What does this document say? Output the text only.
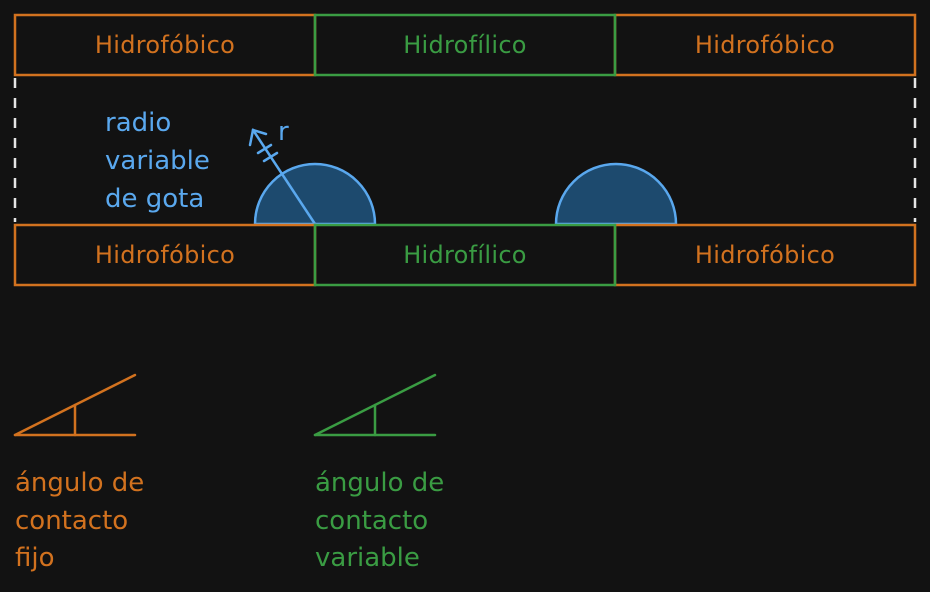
Hidrofóbico	Hidrofílico	Hidrofóbico
r
radio
variable
de gota
Hidrofóbico	Hidrofílico	Hidrofóbico
ángulo de
contacto
fijo
ángulo de
contacto
variable
